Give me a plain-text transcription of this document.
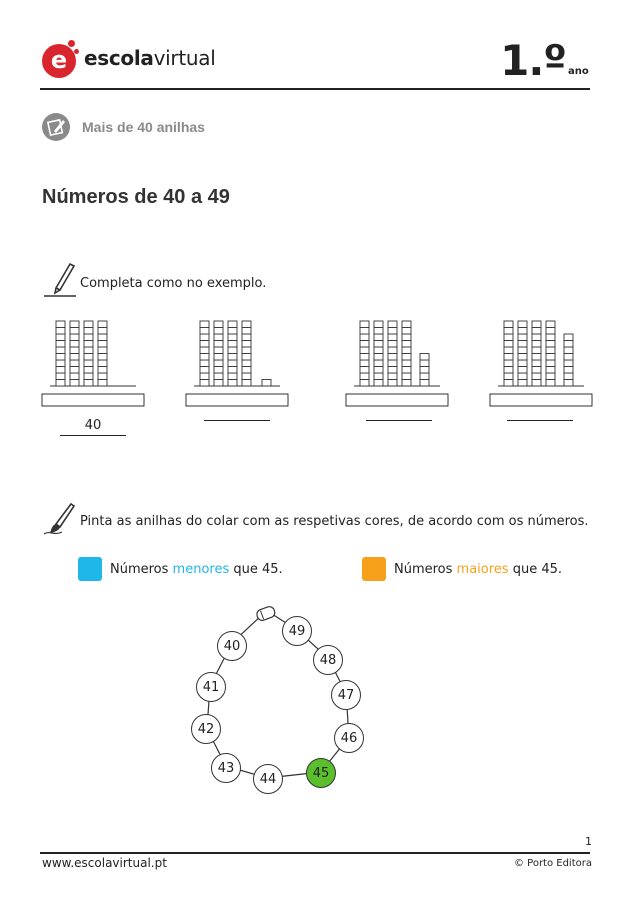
e escolavirtual	1.º ano
Mais de 40 anilhas
Números de 40 a 49
Completa como no exemplo.
40
Pinta as anilhas do colar com as respetivas cores, de acordo com os números.
Números menores que 45.	Números maiores que 45.
40
41
42
43
44	45
46
47
48
49
1
www.escolavirtual.pt	© Porto Editora
